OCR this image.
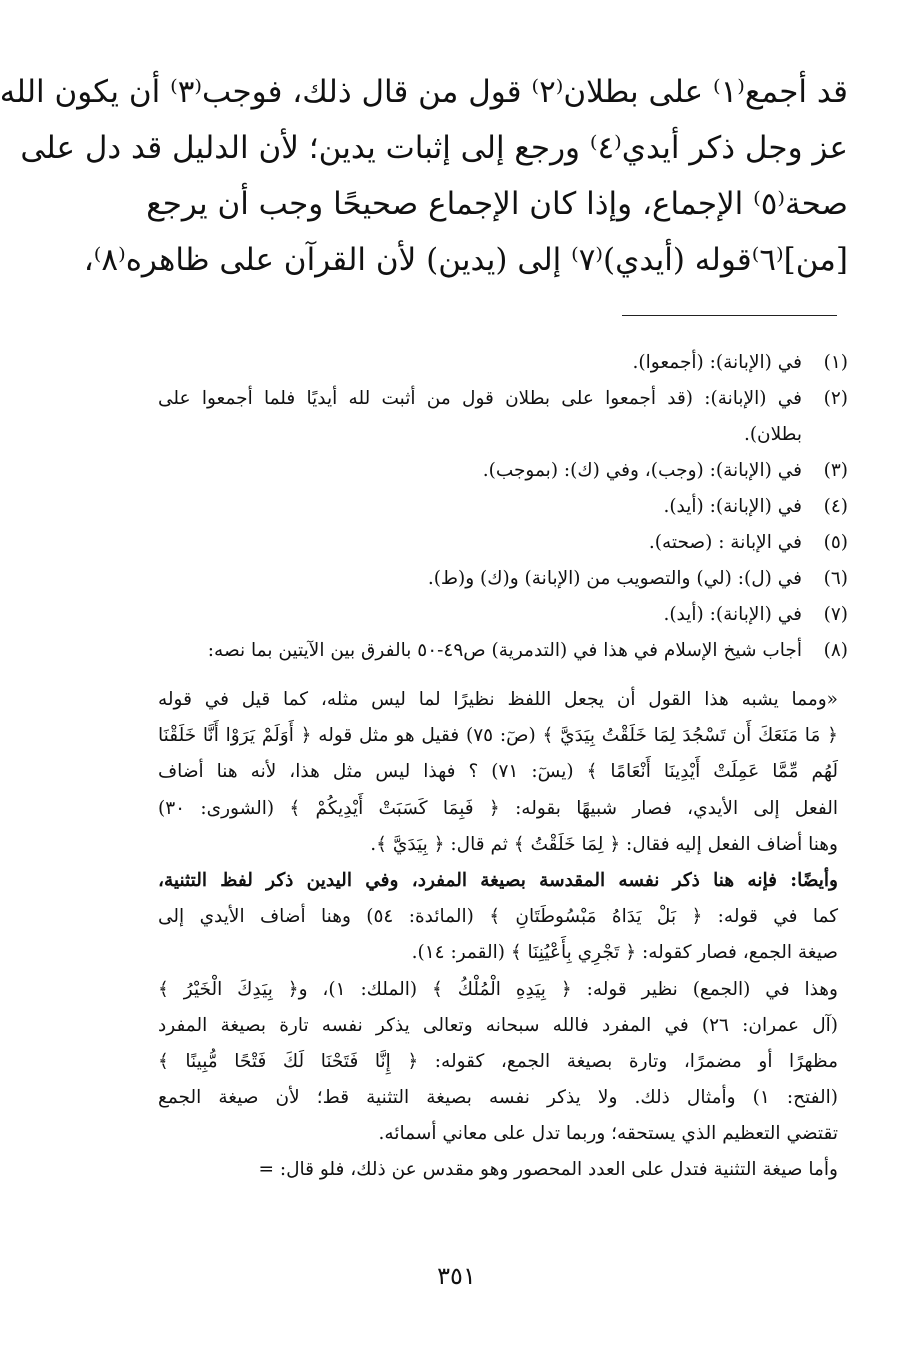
قد أجمع⁽١⁾ على بطلان⁽٢⁾ قول من قال ذلك، فوجب⁽٣⁾ أن يكون الله
عز وجل ذكر أيدي⁽٤⁾ ورجع إلى إثبات يدين؛ لأن الدليل قد دل على
صحة⁽٥⁾ الإجماع، وإذا كان الإجماع صحيحًا وجب أن يرجع
[من]⁽٦⁾قوله (أيدي)⁽٧⁾ إلى (يدين) لأن القرآن على ظاهره⁽٨⁾،
(١)
في (الإبانة): (أجمعوا).
(٢)
في (الإبانة): (قد أجمعوا على بطلان قول من أثبت لله أيديًا فلما أجمعوا على
بطلان).
(٣)
في (الإبانة): (وجب)، وفي (ك): (بموجب).
(٤)
في (الإبانة): (أيد).
(٥)
في الإبانة : (صحته).
(٦)
في (ل): (لي) والتصويب من (الإبانة) و(ك) و(ط).
(٧)
في (الإبانة): (أيد).
(٨)
أجاب شيخ الإسلام في هذا في (التدمرية) ص٤٩-٥٠ بالفرق بين الآيتين بما نصه:
«ومما يشبه هذا القول أن يجعل اللفظ نظيرًا لما ليس مثله، كما قيل في قوله
﴿ مَا مَنَعَكَ أَن تَسْجُدَ لِمَا خَلَقْتُ بِيَدَيَّ ﴾ (صٓ: ٧٥) فقيل هو مثل قوله ﴿ أَوَلَمْ يَرَوْا أَنَّا خَلَقْنَا
لَهُم مِّمَّا عَمِلَتْ أَيْدِينَا أَنْعَامًا ﴾ (يسٓ: ٧١) ؟ فهذا ليس مثل هذا، لأنه هنا أضاف
الفعل إلى الأيدي، فصار شبيهًا بقوله: ﴿ فَبِمَا كَسَبَتْ أَيْدِيكُمْ ﴾ (الشورى: ٣٠)
وهنا أضاف الفعل إليه فقال: ﴿ لِمَا خَلَقْتُ ﴾ ثم قال: ﴿ بِيَدَيَّ ﴾.
وأيضًا: فإنه هنا ذكر نفسه المقدسة بصيغة المفرد، وفي اليدين ذكر لفظ التثنية،
كما في قوله: ﴿ بَلْ يَدَاهُ مَبْسُوطَتَانِ ﴾ (المائدة: ٥٤) وهنا أضاف الأيدي إلى
صيغة الجمع، فصار كقوله: ﴿ تَجْرِي بِأَعْيُنِنَا ﴾ (القمر: ١٤).
وهذا في (الجمع) نظير قوله: ﴿ بِيَدِهِ الْمُلْكُ ﴾ (الملك: ١)، و﴿ بِيَدِكَ الْخَيْرُ ﴾
(آل عمران: ٢٦) في المفرد فالله سبحانه وتعالى يذكر نفسه تارة بصيغة المفرد
مظهرًا أو مضمرًا، وتارة بصيغة الجمع، كقوله: ﴿ إِنَّا فَتَحْنَا لَكَ فَتْحًا مُّبِينًا ﴾
(الفتح: ١) وأمثال ذلك. ولا يذكر نفسه بصيغة التثنية قط؛ لأن صيغة الجمع
تقتضي التعظيم الذي يستحقه؛ وربما تدل على معاني أسمائه.
وأما صيغة التثنية فتدل على العدد المحصور وهو مقدس عن ذلك، فلو قال: =
٣٥١
